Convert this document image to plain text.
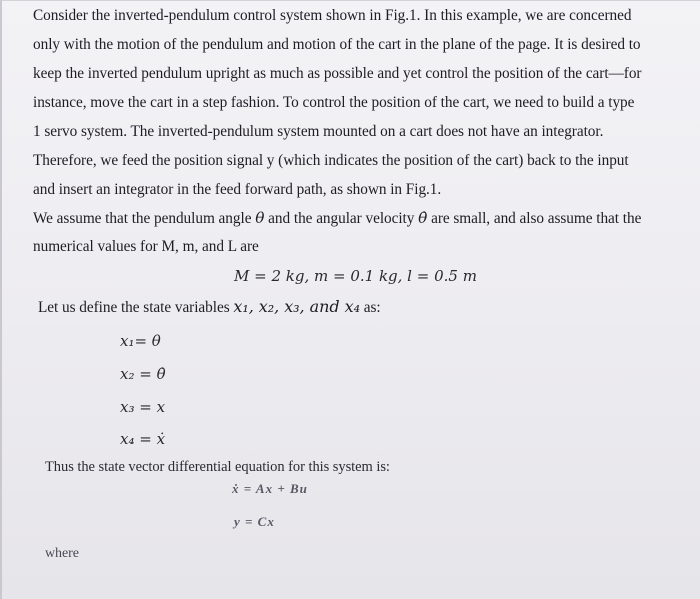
Consider the inverted-pendulum control system shown in Fig.1. In this example, we are concerned
only with the motion of the pendulum and motion of the cart in the plane of the page. It is desired to
keep the inverted pendulum upright as much as possible and yet control the position of the cart—for
instance, move the cart in a step fashion. To control the position of the cart, we need to build a type
1 servo system. The inverted-pendulum system mounted on a cart does not have an integrator.
Therefore, we feed the position signal y (which indicates the position of the cart) back to the input
and insert an integrator in the feed forward path, as shown in Fig.1.
We assume that the pendulum angle θ and the angular velocity θ̇ are small, and also assume that the
numerical values for M, m, and L are
M = 2 kg, m = 0.1 kg, l = 0.5 m
Let us define the state variables x₁, x₂, x₃, and x₄ as:
x₁= θ
x₂ = θ̇
x₃ = x
x₄ = ẋ
Thus the state vector differential equation for this system is:
ẋ = Ax + Bu
y = Cx
where
